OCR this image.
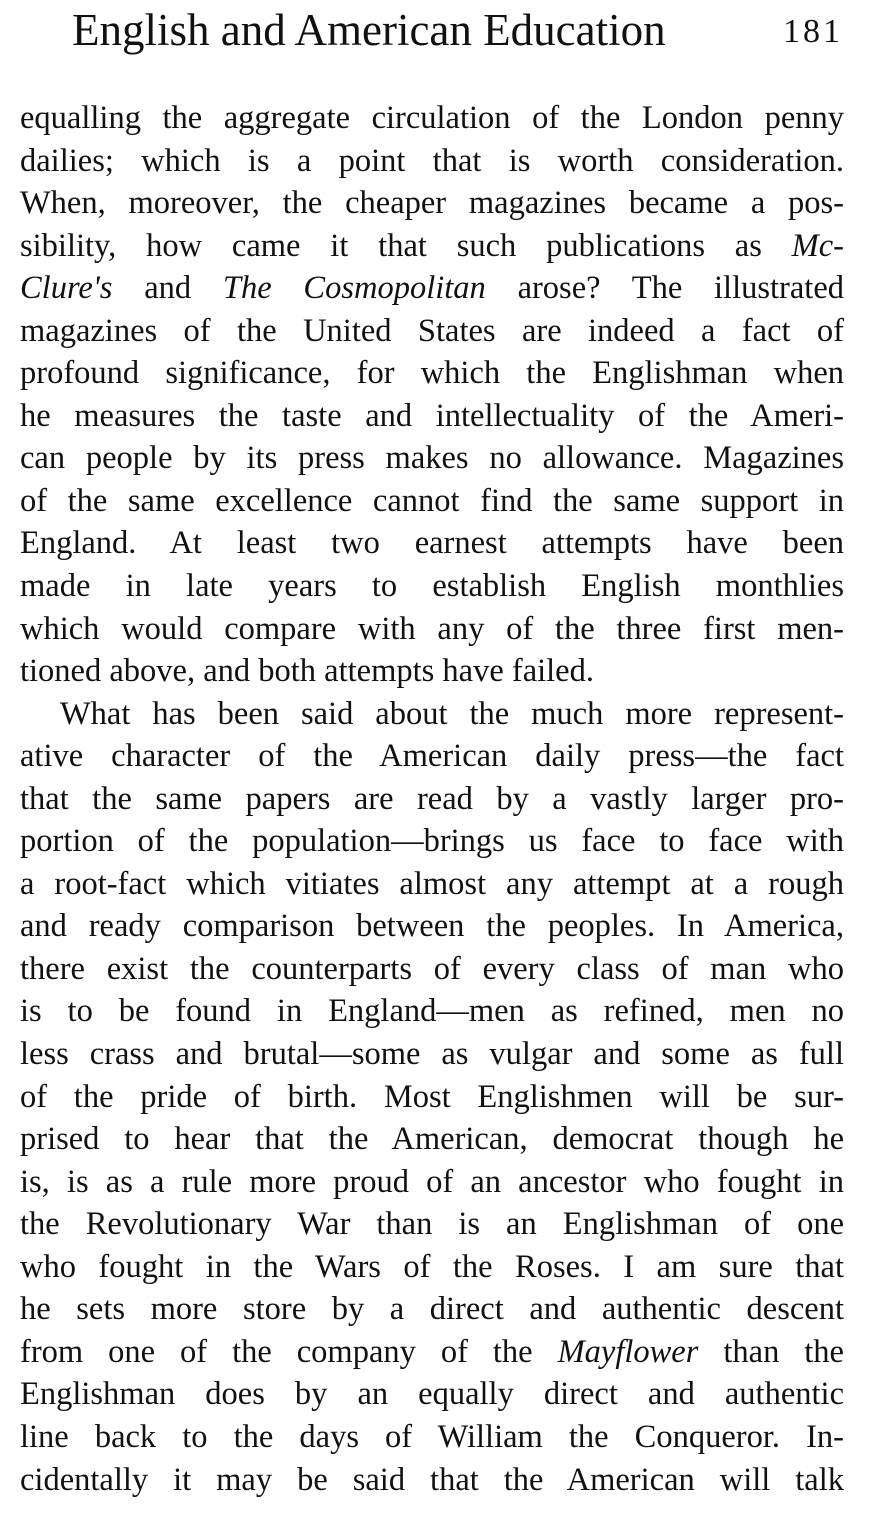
English and American Education	181
equalling the aggregate circulation of the London penny
dailies; which is a point that is worth consideration.
When, moreover, the cheaper magazines became a pos-
sibility, how came it that such publications as Mc-
Clure's and The Cosmopolitan arose? The illustrated
magazines of the United States are indeed a fact of
profound significance, for which the Englishman when
he measures the taste and intellectuality of the Ameri-
can people by its press makes no allowance. Magazines
of the same excellence cannot find the same support in
England. At least two earnest attempts have been
made in late years to establish English monthlies
which would compare with any of the three first men-
tioned above, and both attempts have failed.
What has been said about the much more represent-
ative character of the American daily press—the fact
that the same papers are read by a vastly larger pro-
portion of the population—brings us face to face with
a root-fact which vitiates almost any attempt at a rough
and ready comparison between the peoples. In America,
there exist the counterparts of every class of man who
is to be found in England—men as refined, men no
less crass and brutal—some as vulgar and some as full
of the pride of birth. Most Englishmen will be sur-
prised to hear that the American, democrat though he
is, is as a rule more proud of an ancestor who fought in
the Revolutionary War than is an Englishman of one
who fought in the Wars of the Roses. I am sure that
he sets more store by a direct and authentic descent
from one of the company of the Mayflower than the
Englishman does by an equally direct and authentic
line back to the days of William the Conqueror. In-
cidentally it may be said that the American will talk
